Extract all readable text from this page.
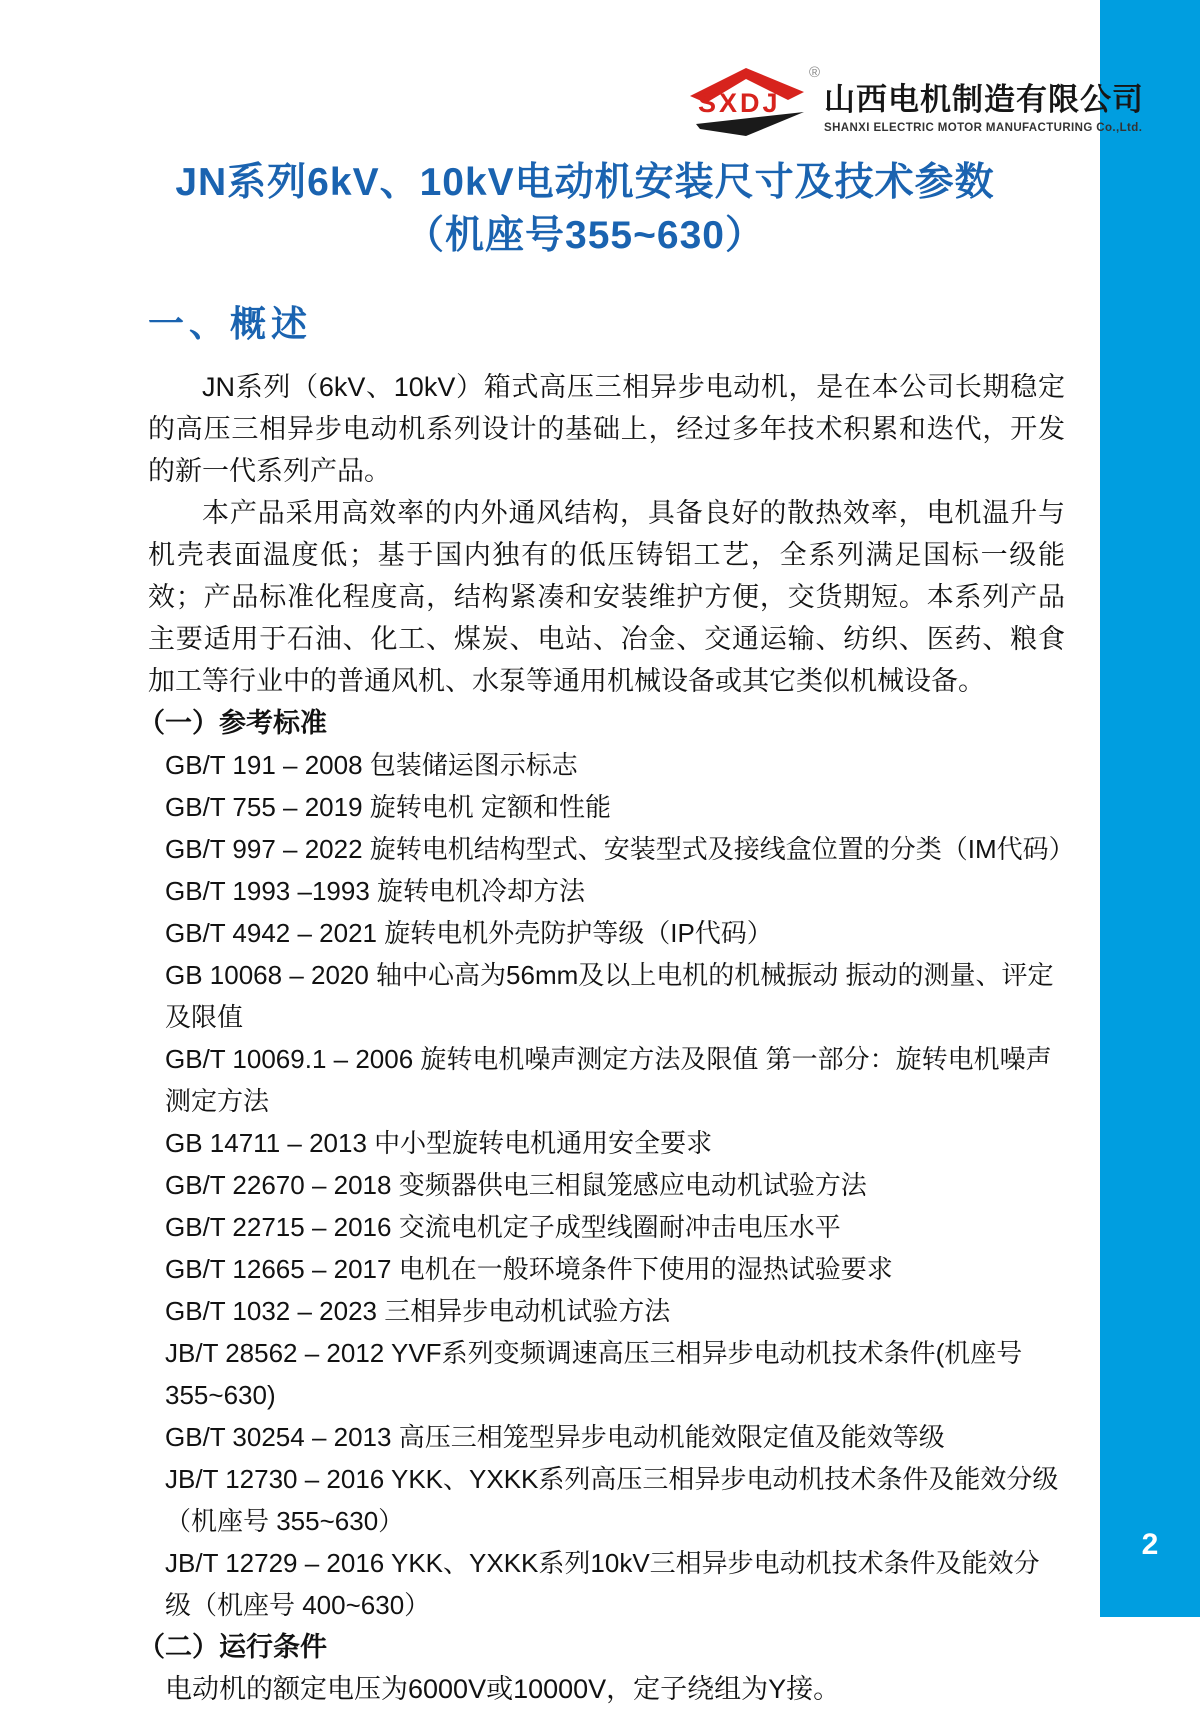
2
SXDJ
®
山西电机制造有限公司
SHANXI ELECTRIC MOTOR MANUFACTURING Co.,Ltd.
JN系列6kV、10kV电动机安装尺寸及技术参数
（机座号355~630）
一、概述

JN系列（6kV、10kV）箱式高压三相异步电动机，是在本公司长期稳定的高压三相异步电动机系列设计的基础上，经过多年技术积累和迭代，开发的新一代系列产品。

本产品采用高效率的内外通风结构，具备良好的散热效率，电机温升与机壳表面温度低；基于国内独有的低压铸铝工艺，全系列满足国标一级能效；产品标准化程度高，结构紧凑和安装维护方便，交货期短。本系列产品主要适用于石油、化工、煤炭、电站、冶金、交通运输、纺织、医药、粮食加工等行业中的普通风机、水泵等通用机械设备或其它类似机械设备。

（一）参考标准

GB/T 191 – 2008 包装储运图示标志
GB/T 755 – 2019 旋转电机 定额和性能
GB/T 997 – 2022 旋转电机结构型式、安装型式及接线盒位置的分类（IM代码）
GB/T 1993 –1993 旋转电机冷却方法
GB/T 4942 – 2021 旋转电机外壳防护等级（IP代码）
GB 10068 – 2020 轴中心高为56mm及以上电机的机械振动 振动的测量、评定及限值
GB/T 10069.1 – 2006 旋转电机噪声测定方法及限值 第一部分：旋转电机噪声测定方法
GB 14711 – 2013 中小型旋转电机通用安全要求
GB/T 22670 – 2018 变频器供电三相鼠笼感应电动机试验方法
GB/T 22715 – 2016 交流电机定子成型线圈耐冲击电压水平
GB/T 12665 – 2017 电机在一般环境条件下使用的湿热试验要求
GB/T 1032 – 2023 三相异步电动机试验方法
JB/T 28562 – 2012 YVF系列变频调速高压三相异步电动机技术条件(机座号355~630)
GB/T 30254 – 2013 高压三相笼型异步电动机能效限定值及能效等级
JB/T 12730 – 2016 YKK、YXKK系列高压三相异步电动机技术条件及能效分级（机座号 355~630）
JB/T 12729 – 2016 YKK、YXKK系列10kV三相异步电动机技术条件及能效分级（机座号 400~630）

（二）运行条件

电动机的额定电压为6000V或10000V，定子绕组为Y接。
